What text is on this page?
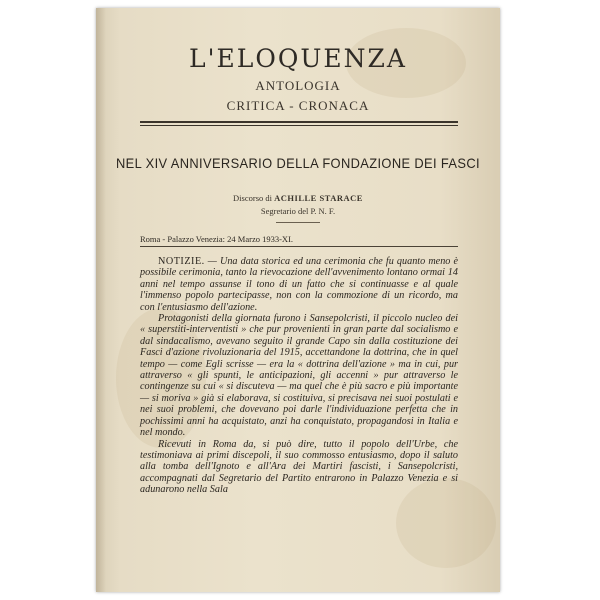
L'ELOQUENZA
ANTOLOGIA
CRITICA - CRONACA
NEL XIV ANNIVERSARIO DELLA FONDAZIONE DEI FASCI
Discorso di ACHILLE STARACE
Segretario del P. N. F.
Roma - Palazzo Venezia: 24 Marzo 1933-XI.

NOTIZIE. — Una data storica ed una cerimonia che fu quanto meno è possibile cerimonia, tanto la rievocazione dell'avvenimento lontano ormai 14 anni nel tempo assunse il tono di un fatto che si continuasse e al quale l'immenso popolo partecipasse, non con la commozione di un ricordo, ma con l'entusiasmo dell'azione.

Protagonisti della giornata furono i Sansepolcristi, il piccolo nucleo dei « superstiti-interventisti » che pur provenienti in gran parte dal socialismo e dal sindacalismo, avevano seguito il grande Capo sin dalla costituzione dei Fasci d'azione rivoluzionaria del 1915, accettandone la dottrina, che in quel tempo — come Egli scrisse — era la « dottrina dell'azione » ma in cui, pur attraverso « gli spunti, le anticipazioni, gli accenni » pur attraverso le contingenze su cui « si discuteva — ma quel che è più sacro e più importante — si moriva » già si elaborava, si costituiva, si precisava nei suoi postulati e nei suoi problemi, che dovevano poi darle l'individuazione perfetta che in pochissimi anni ha acquistato, anzi ha conquistato, propagandosi in Italia e nel mondo.

Ricevuti in Roma da, si può dire, tutto il popolo dell'Urbe, che testimoniava ai primi discepoli, il suo commosso entusiasmo, dopo il saluto alla tomba dell'Ignoto e all'Ara dei Martiri fascisti, i Sansepolcristi, accompagnati dal Segretario del Partito entrarono in Palazzo Venezia e si adunarono nella Sala
